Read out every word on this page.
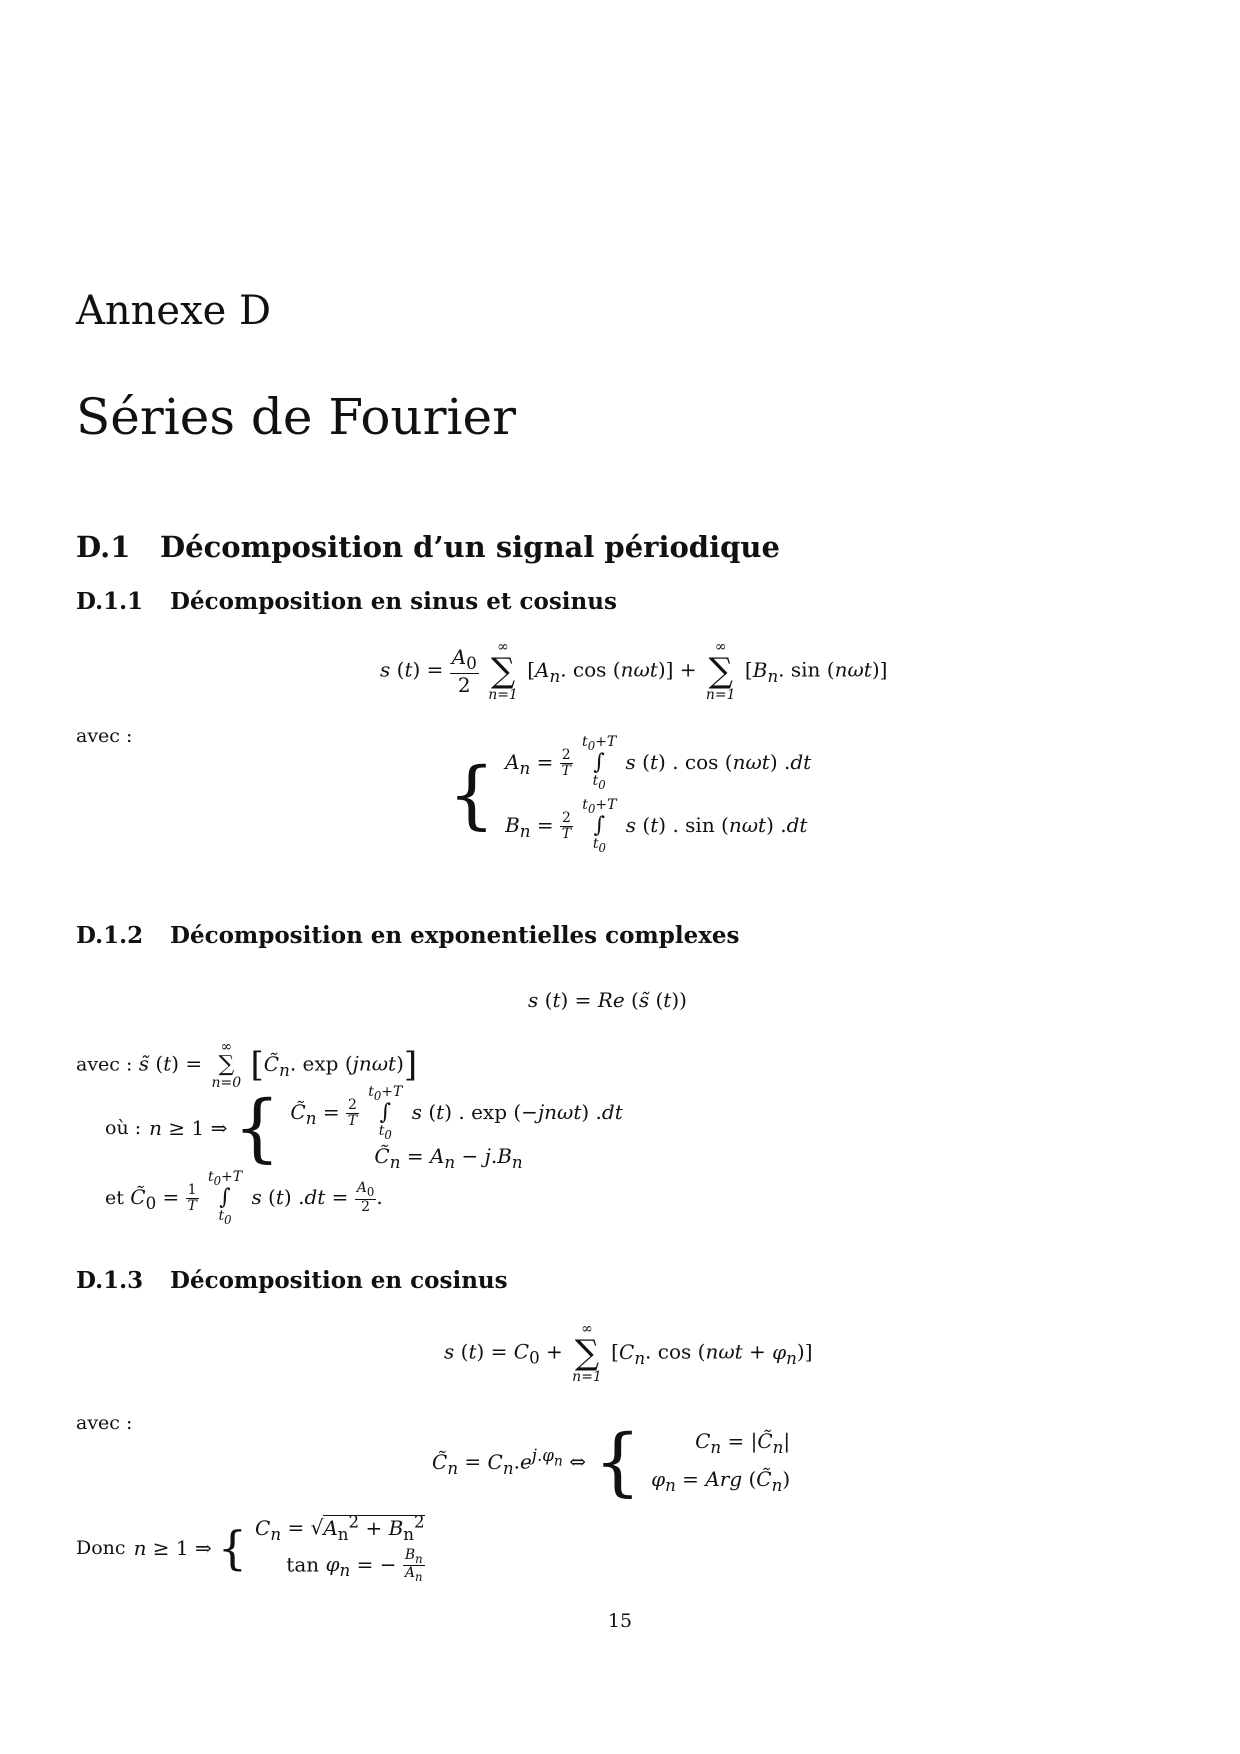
Annexe D
Séries de Fourier
D.1 Décomposition d’un signal périodique
D.1.1 Décomposition en sinus et cosinus
s $(t) = \frac{A_0}{2}$
∞
∑
n=1
[$A_n$. cos (nωt)] +
∞
∑
n=1
[$B_n$. sin (nωt)]
avec :
{ $A_n = \frac{2}{T}$

$t_0+T$
∫
$t_0$
s (t) . cos (nωt) .dt
$B_n = \frac{2}{T}$

$t_0+T$
∫
$t_0$
s (t) . sin (nωt) .dt
D.1.2 Décomposition en exponentielles complexes
s (t) = Re (s̃ (t))
avec : s̃ (t) =
∞
∑
n=0 [$C̃_n$. exp (jnωt)]
où : n ≥ 1 ⇒ { $C̃_n = \frac{2}{T}$

$t_0+T$
∫
$t_0$
s (t) . exp (−jnωt) .dt
$C̃_n = A_n - j.B_n$
et $C̃_0 = \frac{1}{T}$

$t_0+T$
∫
$t_0$
s (t) $.dt = \frac{A_0}{2}$ .
D.1.3 Décomposition en cosinus
s $(t) = C_0$ +
∞
∑
n=1
[$C_n$. $\cos (n\omega t + \varphi_n)$]
avec :
$C̃_n = C_n.e^{j.\varphi_n}$ ⇔ {	$C_n$ = $|C̃_n|$
$\varphi_n$ = Arg $(C̃_n)$
Donc n ≥ 1 ⇒ { $C_n = √A_n^2 + B_n^2$
$\tan \varphi_n$ = − $\frac{B_n}{A_n}$
15
